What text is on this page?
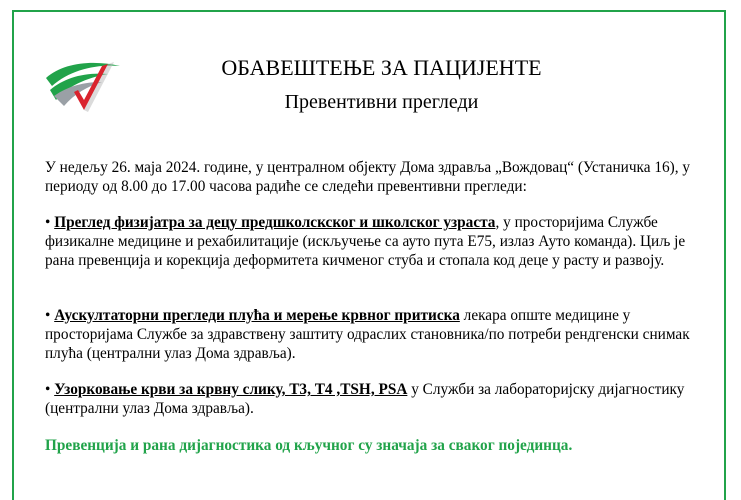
ОБАВЕШТЕЊЕ ЗА ПАЦИЈЕНТЕ
Превентивни прегледи
У недељу 26. маја 2024. године, у централном објекту Дома здравља „Вождовац“ (Устаничка 16), у периоду од 8.00 до 17.00 часова радиће се следећи превентивни прегледи:
• Преглед физијатра за децу предшколскског и школског узраста, у просторијима Службе физикалне медицине и рехабилитације (искључење са ауто пута Е75, излаз Ауто команда). Циљ је рана превенција и корекција деформитета кичменог стуба и стопала код деце у расту и развоју.
• Аускултаторни прегледи плућа и мерење крвног притиска лекара опште медицине у просторијама Службе за здравствену заштиту одраслих становника/по потреби рендгенски снимак плућа (централни улаз Дома здравља).
• Узорковање крви за крвну слику, Т3, Т4 ,TSH, PSA у Служби за лабораторијску дијагностику (централни улаз Дома здравља).
Превенција и рана дијагностика од кључног су значаја за сваког појединца.
